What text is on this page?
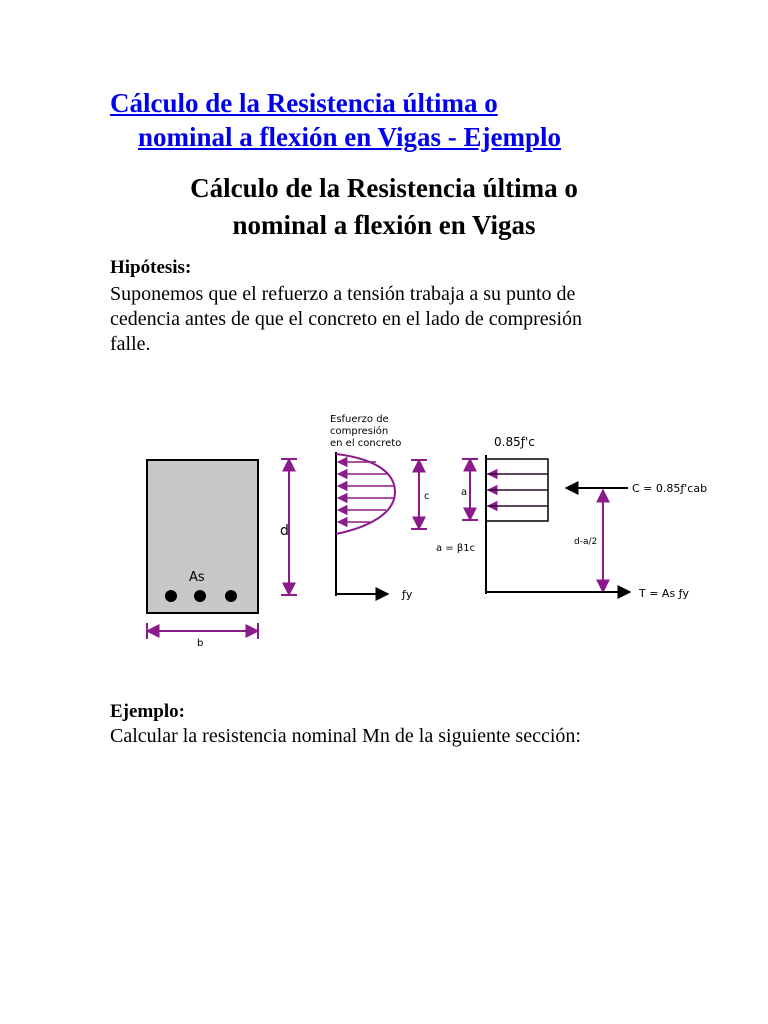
Cálculo de la Resistencia última o
nominal a flexión en Vigas - Ejemplo
Cálculo de la Resistencia última o
nominal a flexión en Vigas
Hipótesis:
Suponemos que el refuerzo a tensión trabaja a su punto de
cedencia antes de que el concreto en el lado de compresión
falle.
As
b
d
Esfuerzo de
compresión
en el concreto
ƒy
c
0.85ƒ'c
a
a = β1c
C = 0.85ƒ'cab
d-a/2
T = As ƒy
Ejemplo:
Calcular la resistencia nominal Mn de la siguiente sección:
